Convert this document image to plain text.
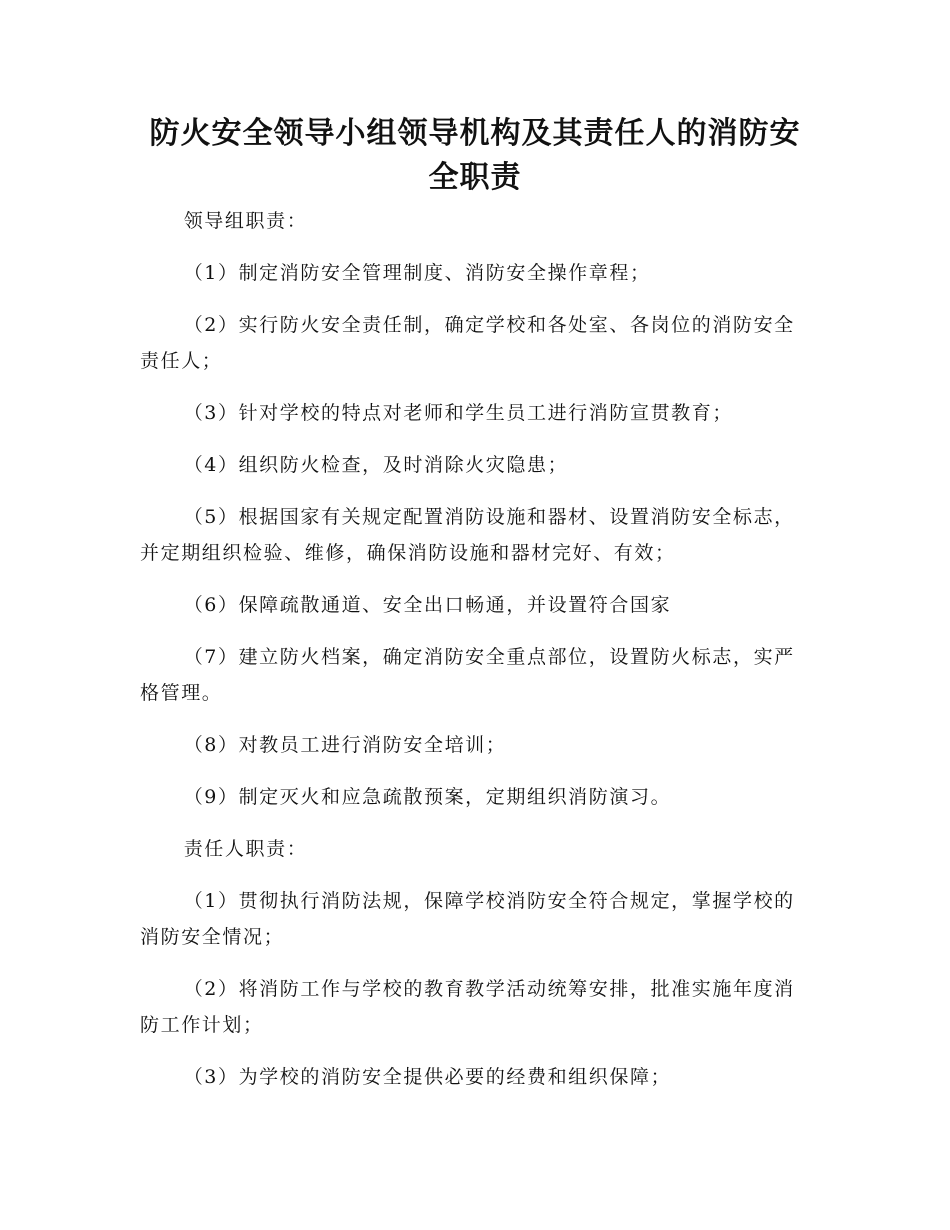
防火安全领导小组领导机构及其责任人的消防安
全职责

领导组职责：

（1）制定消防安全管理制度、消防安全操作章程；

（2）实行防火安全责任制，确定学校和各处室、各岗位的消防安全责任人；

（3）针对学校的特点对老师和学生员工进行消防宣贯教育；

（4）组织防火检查，及时消除火灾隐患；

（5）根据国家有关规定配置消防设施和器材、设置消防安全标志，并定期组织检验、维修，确保消防设施和器材完好、有效；

（6）保障疏散通道、安全出口畅通，并设置符合国家

（7）建立防火档案，确定消防安全重点部位，设置防火标志，实严格管理。

（8）对教员工进行消防安全培训；

（9）制定灭火和应急疏散预案，定期组织消防演习。

责任人职责：

（1）贯彻执行消防法规，保障学校消防安全符合规定，掌握学校的消防安全情况；

（2）将消防工作与学校的教育教学活动统筹安排，批准实施年度消防工作计划；

（3）为学校的消防安全提供必要的经费和组织保障；
